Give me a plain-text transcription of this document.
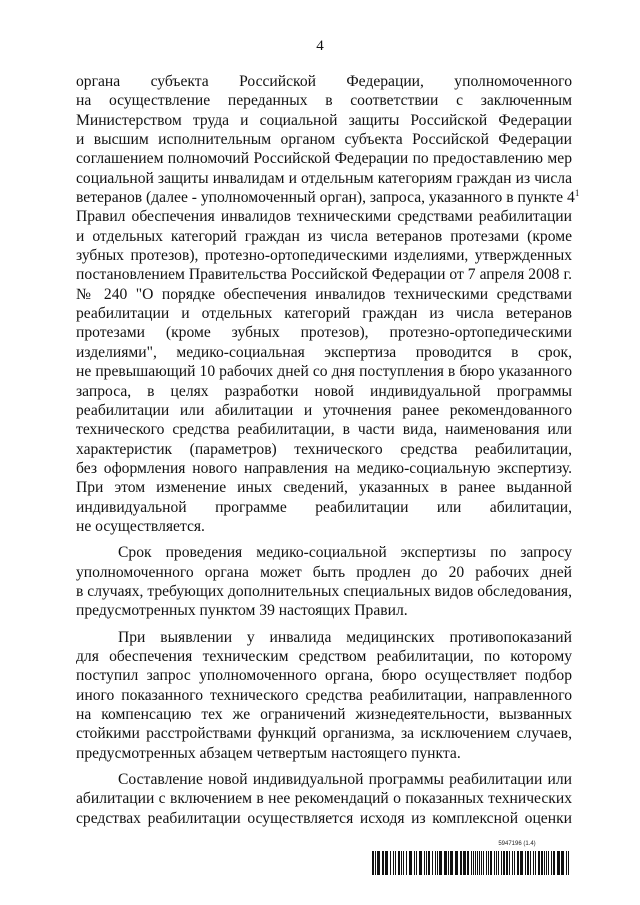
4
органа субъекта Российской Федерации, уполномоченного
на осуществление переданных в соответствии с заключенным
Министерством труда и социальной защиты Российской Федерации
и высшим исполнительным органом субъекта Российской Федерации
соглашением полномочий Российской Федерации по предоставлению мер
социальной защиты инвалидам и отдельным категориям граждан из числа
ветеранов (далее - уполномоченный орган), запроса, указанного в пункте $4^1$
Правил обеспечения инвалидов техническими средствами реабилитации
и отдельных категорий граждан из числа ветеранов протезами (кроме
зубных протезов), протезно-ортопедическими изделиями, утвержденных
постановлением Правительства Российской Федерации от 7 апреля 2008 г.
№ 240 "О порядке обеспечения инвалидов техническими средствами
реабилитации и отдельных категорий граждан из числа ветеранов
протезами (кроме зубных протезов), протезно-ортопедическими
изделиями", медико-социальная экспертиза проводится в срок,
не превышающий 10 рабочих дней со дня поступления в бюро указанного
запроса, в целях разработки новой индивидуальной программы
реабилитации или абилитации и уточнения ранее рекомендованного
технического средства реабилитации, в части вида, наименования или
характеристик (параметров) технического средства реабилитации,
без оформления нового направления на медико-социальную экспертизу.
При этом изменение иных сведений, указанных в ранее выданной
индивидуальной программе реабилитации или абилитации,
не осуществляется.
Срок проведения медико-социальной экспертизы по запросу
уполномоченного органа может быть продлен до 20 рабочих дней
в случаях, требующих дополнительных специальных видов обследования,
предусмотренных пунктом 39 настоящих Правил.
При выявлении у инвалида медицинских противопоказаний
для обеспечения техническим средством реабилитации, по которому
поступил запрос уполномоченного органа, бюро осуществляет подбор
иного показанного технического средства реабилитации, направленного
на компенсацию тех же ограничений жизнедеятельности, вызванных
стойкими расстройствами функций организма, за исключением случаев,
предусмотренных абзацем четвертым настоящего пункта.
Составление новой индивидуальной программы реабилитации или
абилитации с включением в нее рекомендаций о показанных технических
средствах реабилитации осуществляется исходя из комплексной оценки
5947196 (1.4)
